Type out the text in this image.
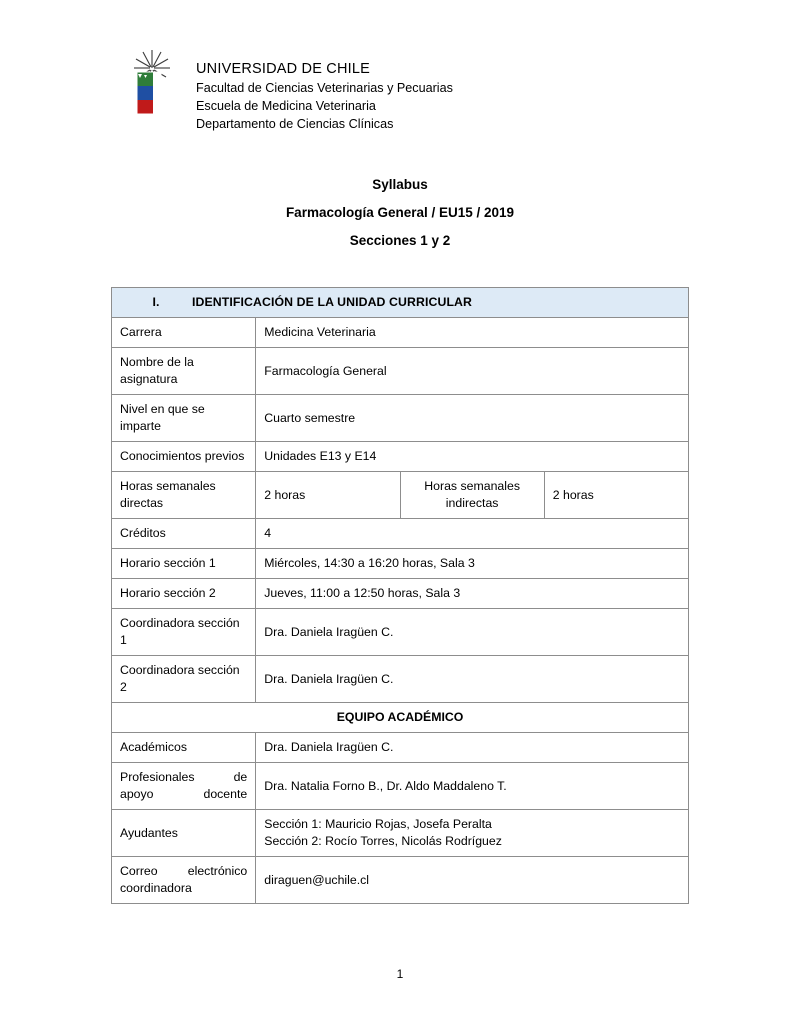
UNIVERSIDAD DE CHILE
Facultad de Ciencias Veterinarias y Pecuarias
Escuela de Medicina Veterinaria
Departamento de Ciencias Clínicas
Syllabus
Farmacología General / EU15 / 2019
Secciones 1 y 2
I. IDENTIFICACIÓN DE LA UNIDAD CURRICULAR			
Carrera	Medicina Veterinaria		
Nombre de la asignatura	Farmacología General		
Nivel en que se imparte	Cuarto semestre		
Conocimientos previos	Unidades E13 y E14		
Horas semanales directas	2 horas	Horas semanales indirectas	2 horas
Créditos	4		
Horario sección 1	Miércoles, 14:30 a 16:20 horas, Sala 3		
Horario sección 2	Jueves, 11:00 a 12:50 horas, Sala 3		
Coordinadora sección 1	Dra. Daniela Iragüen C.		
Coordinadora sección 2	Dra. Daniela Iragüen C.		
EQUIPO ACADÉMICO			
Académicos	Dra. Daniela Iragüen C.		
Profesionales de apoyo docente	Dra. Natalia Forno B., Dr. Aldo Maddaleno T.		
Ayudantes	Sección 1: Mauricio Rojas, Josefa Peralta
Sección 2: Rocío Torres, Nicolás Rodríguez		

Correo electrónico coordinadora	diraguen@uchile.cl		
1
